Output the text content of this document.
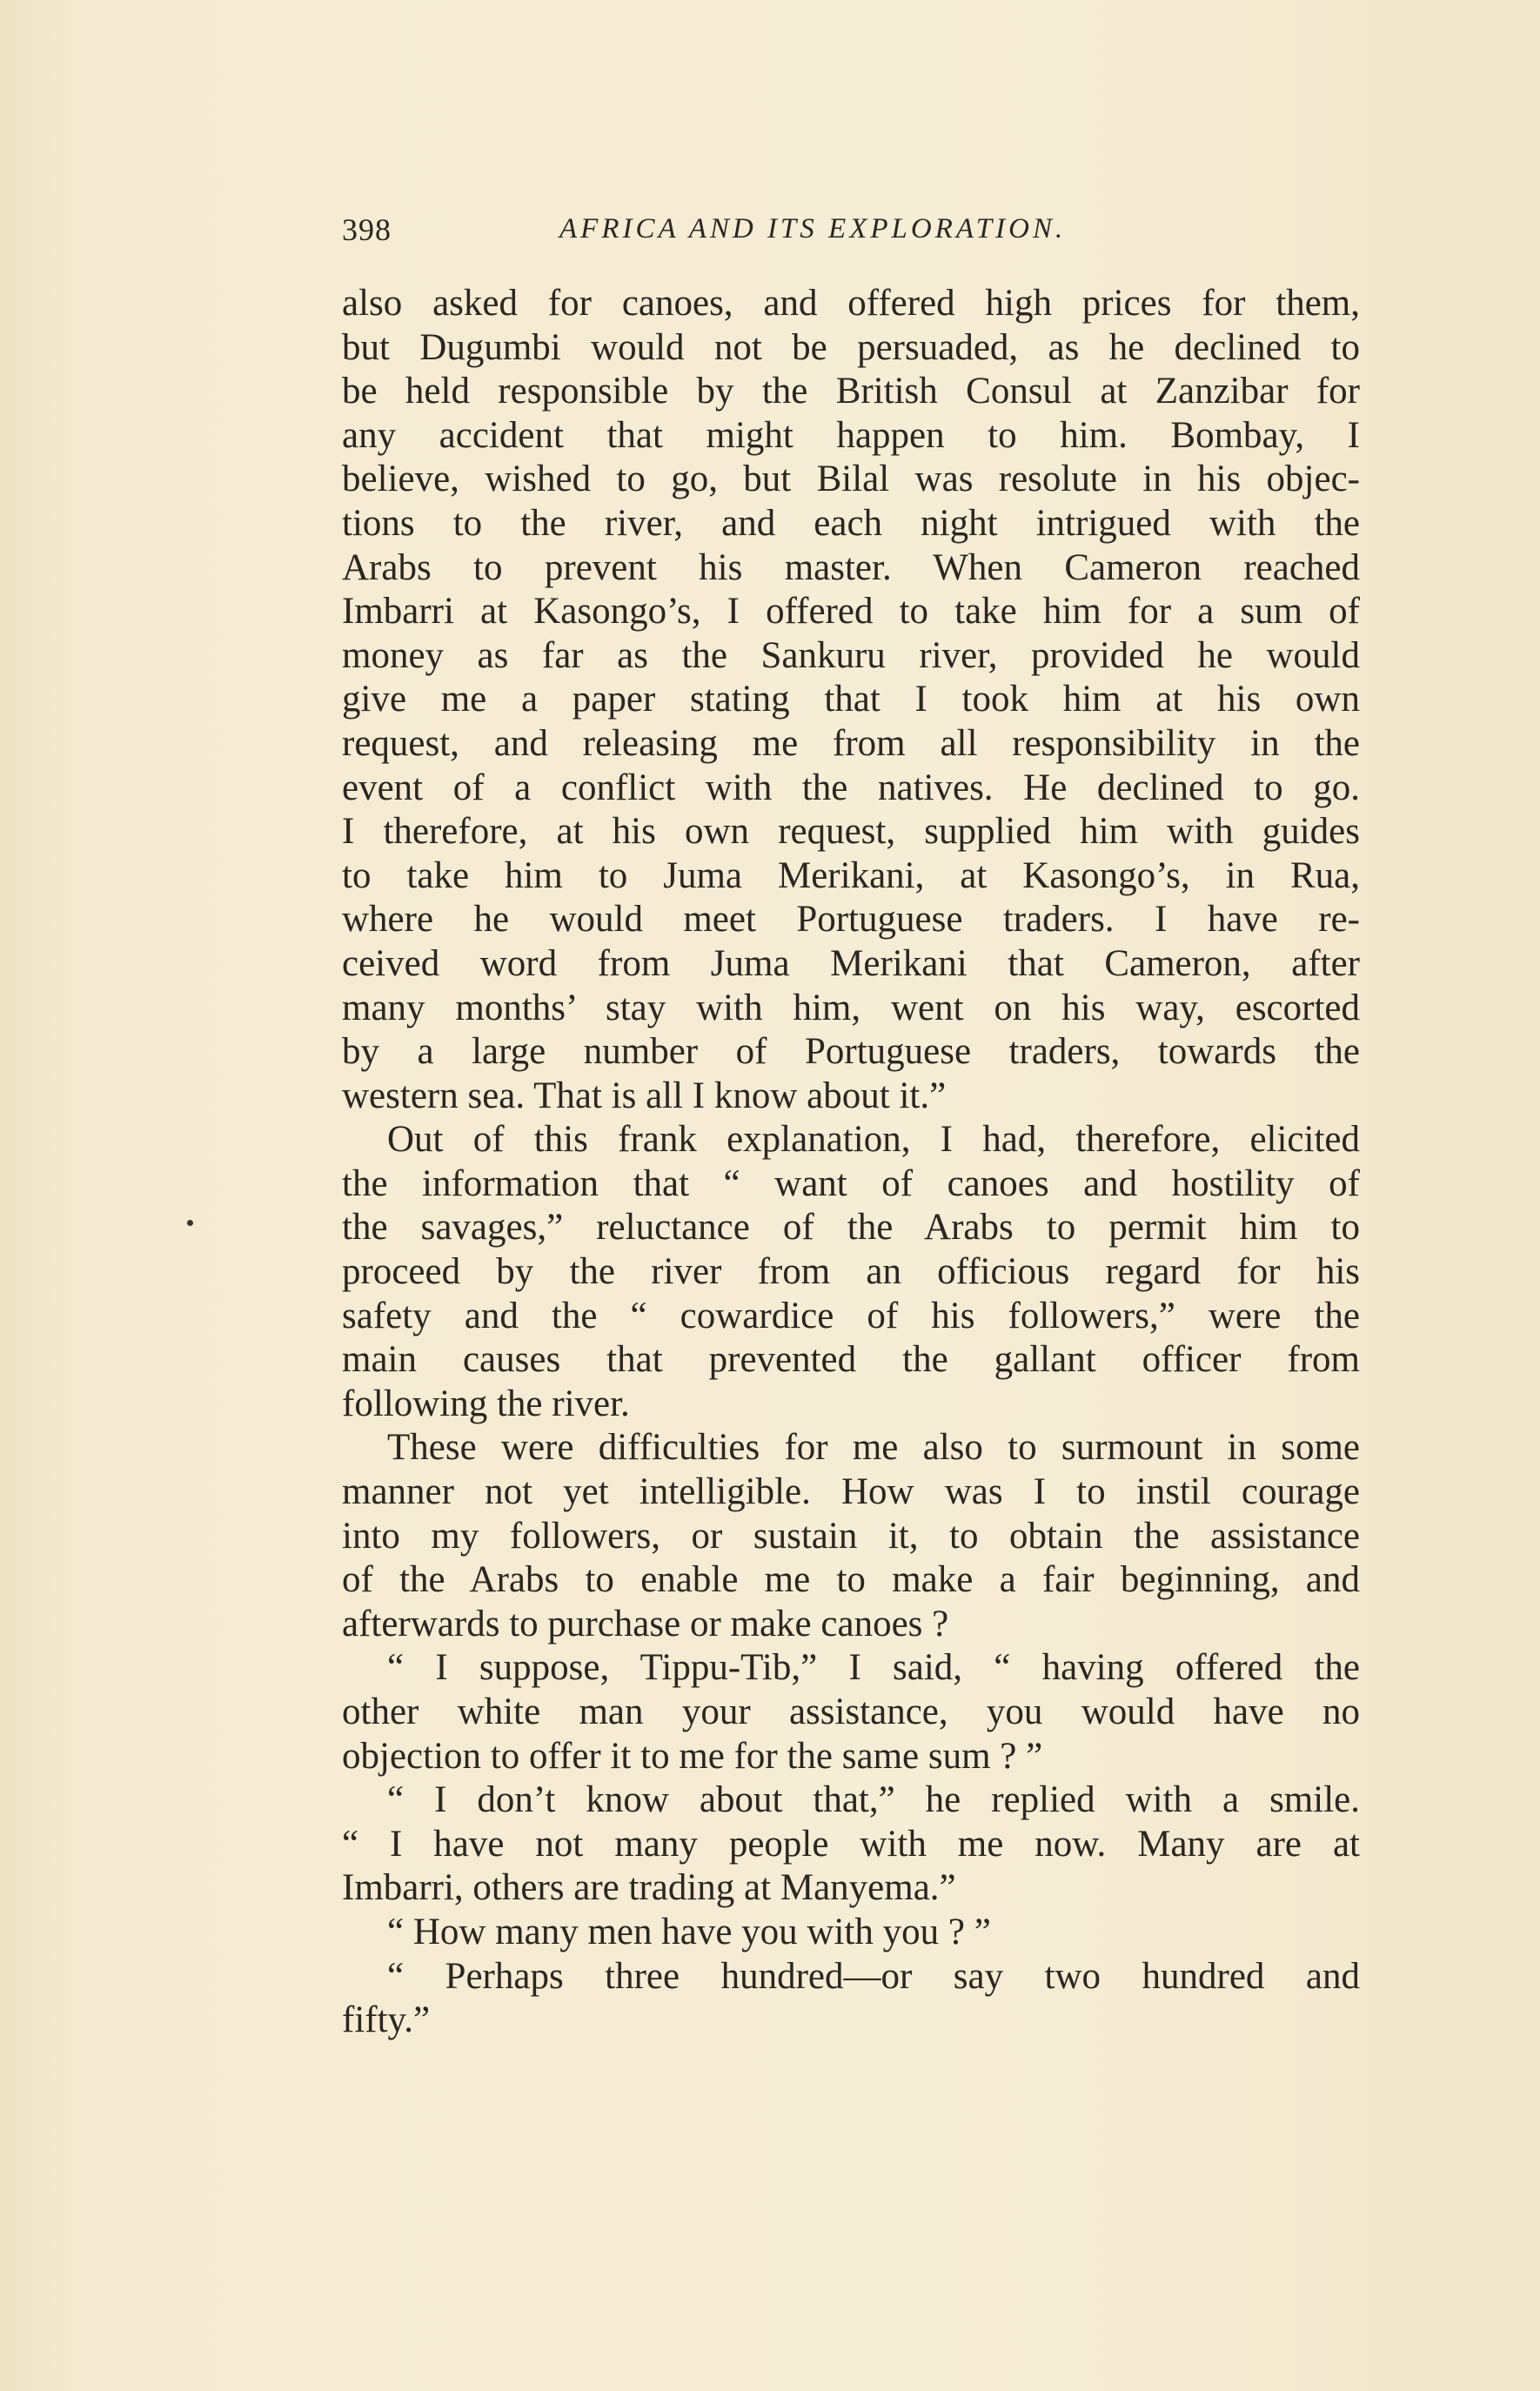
398	AFRICA AND ITS EXPLORATION.
also asked for canoes, and offered high prices for them,
but Dugumbi would not be persuaded, as he declined to
be held responsible by the British Consul at Zanzibar for
any accident that might happen to him. Bombay, I
believe, wished to go, but Bilal was resolute in his objec-
tions to the river, and each night intrigued with the
Arabs to prevent his master. When Cameron reached
Imbarri at Kasongo’s, I offered to take him for a sum of
money as far as the Sankuru river, provided he would
give me a paper stating that I took him at his own
request, and releasing me from all responsibility in the
event of a conflict with the natives. He declined to go.
I therefore, at his own request, supplied him with guides
to take him to Juma Merikani, at Kasongo’s, in Rua,
where he would meet Portuguese traders. I have re-
ceived word from Juma Merikani that Cameron, after
many months’ stay with him, went on his way, escorted
by a large number of Portuguese traders, towards the
western sea. That is all I know about it.”
Out of this frank explanation, I had, therefore, elicited
the information that “ want of canoes and hostility of
the savages,” reluctance of the Arabs to permit him to
proceed by the river from an officious regard for his
safety and the “ cowardice of his followers,” were the
main causes that prevented the gallant officer from
following the river.
These were difficulties for me also to surmount in some
manner not yet intelligible. How was I to instil courage
into my followers, or sustain it, to obtain the assistance
of the Arabs to enable me to make a fair beginning, and
afterwards to purchase or make canoes ?
“ I suppose, Tippu-Tib,” I said, “ having offered the
other white man your assistance, you would have no
objection to offer it to me for the same sum ? ”
“ I don’t know about that,” he replied with a smile.
“ I have not many people with me now. Many are at
Imbarri, others are trading at Manyema.”
“ How many men have you with you ? ”
“ Perhaps three hundred—or say two hundred and
fifty.”
